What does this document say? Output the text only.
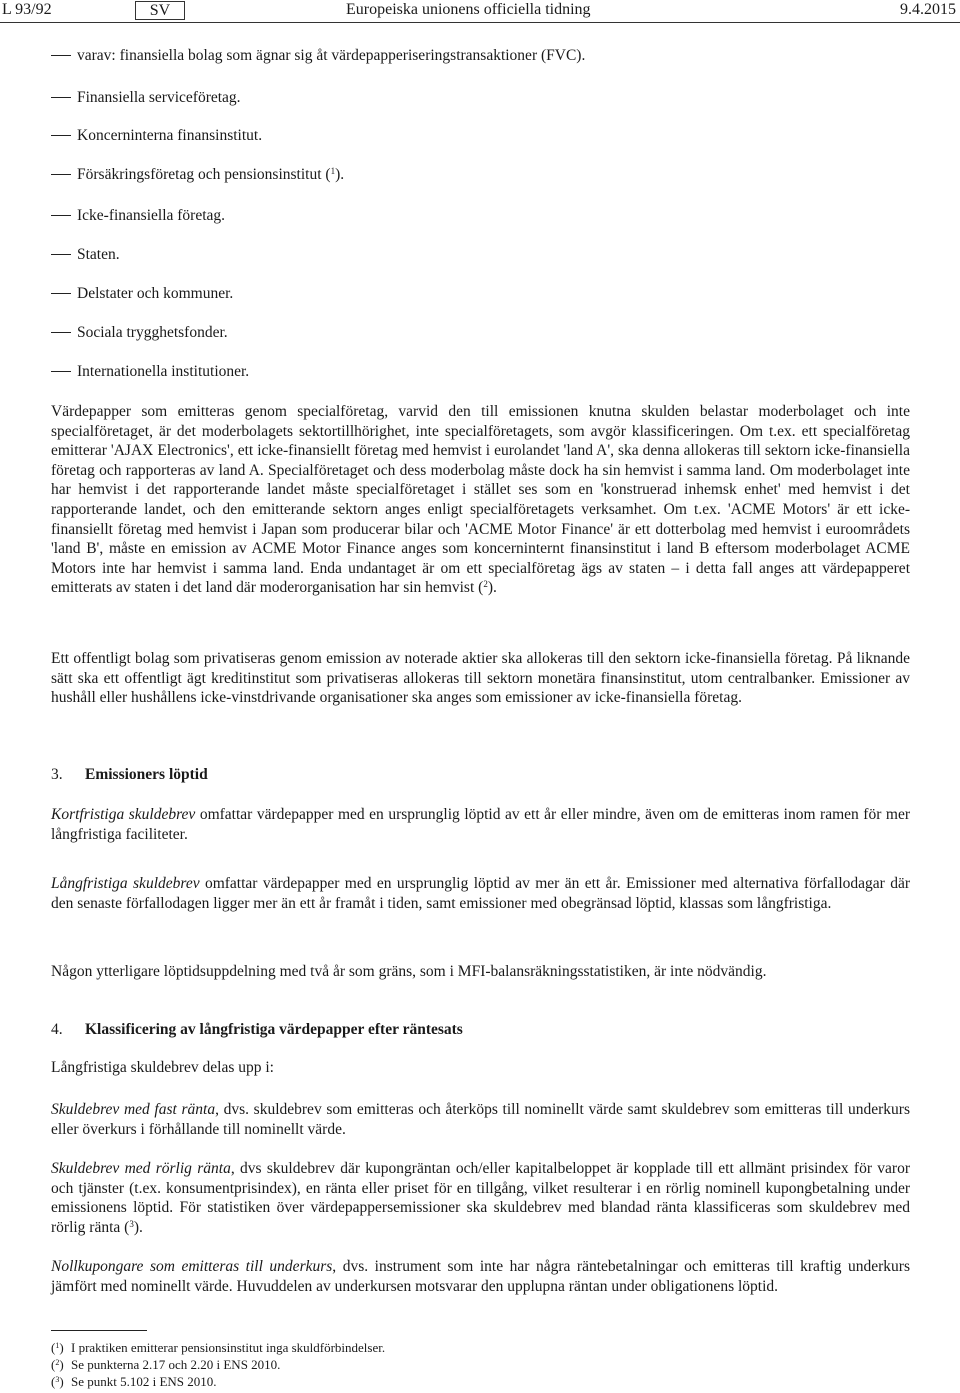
L 93/92	SV	Europeiska unionens officiella tidning	9.4.2015
varav: finansiella bolag som ägnar sig åt värdepapperiseringstransaktioner (FVC).
Finansiella serviceföretag.
Koncerninterna finansinstitut.
Försäkringsföretag och pensionsinstitut ($^1$).
Icke-finansiella företag.
Staten.
Delstater och kommuner.
Sociala trygghetsfonder.
Internationella institutioner.

Värdepapper som emitteras genom specialföretag, varvid den till emissionen knutna skulden belastar moderbolaget och inte specialföretaget, är det moderbolagets sektortillhörighet, inte specialföretagets, som avgör klassificeringen. Om t.ex. ett specialföretag emitterar 'AJAX Electronics', ett icke-finansiellt företag med hemvist i eurolandet 'land A', ska denna allokeras till sektorn icke-finansiella företag och rapporteras av land A. Specialföretaget och dess moderbolag måste dock ha sin hemvist i samma land. Om moderbolaget inte har hemvist i det rapporterande landet måste specialföretaget i stället ses som en 'konstruerad inhemsk enhet' med hemvist i det rapporterande landet, och den emitterande sektorn anges enligt specialföretagets verksamhet. Om t.ex. 'ACME Motors' är ett icke-finansiellt företag med hemvist i Japan som producerar bilar och 'ACME Motor Finance' är ett dotterbolag med hemvist i euroområdets 'land B', måste en emission av ACME Motor Finance anges som koncerninternt finansinstitut i land B eftersom moderbolaget ACME Motors inte har hemvist i samma land. Enda undantaget är om ett specialföretag ägs av staten – i detta fall anges att värdepapperet emitterats av staten i det land där moderorganisation har sin hemvist ($^2$).

Ett offentligt bolag som privatiseras genom emission av noterade aktier ska allokeras till den sektorn icke-finansiella företag. På liknande sätt ska ett offentligt ägt kreditinstitut som privatiseras allokeras till sektorn monetära finansinstitut, utom centralbanker. Emissioner av hushåll eller hushållens icke-vinstdrivande organisationer ska anges som emissioner av icke-finansiella företag.

3. Emissioners löptid

Kortfristiga skuldebrev omfattar värdepapper med en ursprunglig löptid av ett år eller mindre, även om de emitteras inom ramen för mer långfristiga faciliteter.

Långfristiga skuldebrev omfattar värdepapper med en ursprunglig löptid av mer än ett år. Emissioner med alternativa förfallodagar där den senaste förfallodagen ligger mer än ett år framåt i tiden, samt emissioner med obegränsad löptid, klassas som långfristiga.

Någon ytterligare löptidsuppdelning med två år som gräns, som i MFI-balansräkningsstatistiken, är inte nödvändig.

4. Klassificering av långfristiga värdepapper efter räntesats

Långfristiga skuldebrev delas upp i:

Skuldebrev med fast ränta, dvs. skuldebrev som emitteras och återköps till nominellt värde samt skuldebrev som emitteras till underkurs eller överkurs i förhållande till nominellt värde.

Skuldebrev med rörlig ränta, dvs skuldebrev där kupongräntan och/eller kapitalbeloppet är kopplade till ett allmänt prisindex för varor och tjänster (t.ex. konsumentprisindex), en ränta eller priset för en tillgång, vilket resulterar i en rörlig nominell kupongbetalning under emissionens löptid. För statistiken över värdepappersemissioner ska skuldebrev med blandad ränta klassificeras som skuldebrev med rörlig ränta ($^3$).

Nollkupongare som emitteras till underkurs, dvs. instrument som inte har några räntebetalningar och emitteras till kraftig underkurs jämfört med nominellt värde. Huvuddelen av underkursen motsvarar den upplupna räntan under obligationens löptid.

($^1$) I praktiken emitterar pensionsinstitut inga skuldförbindelser.
($^2$) Se punkterna 2.17 och 2.20 i ENS 2010.
($^3$) Se punkt 5.102 i ENS 2010.
